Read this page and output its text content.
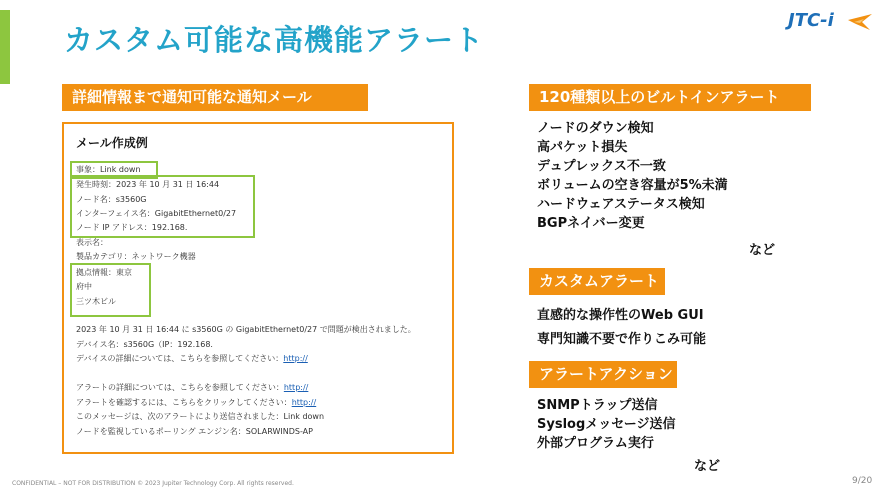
カスタム可能な高機能アラート
JTC-i
詳細情報まで通知可能な通知メール
メール作成例
事象：Link down
発生時刻：2023 年 10 月 31 日 16:44
ノード名：s3560G
インターフェイス名：GigabitEthernet0/27
ノード IP アドレス：192.168.
表示名：
製品カテゴリ：ネットワーク機器
拠点情報：東京
府中
三ツ木ビル
2023 年 10 月 31 日 16:44 に s3560G の GigabitEthernet0/27 で問題が検出されました。
デバイス名：s3560G（IP：192.168.
デバイスの詳細については、こちらを参照してください：http://
アラートの詳細については、こちらを参照してください：http://
アラートを確認するには、こちらをクリックしてください：http://
このメッセージは、次のアラートにより送信されました：Link down
ノードを監視しているポーリング エンジン名：SOLARWINDS-AP
120種類以上のビルトインアラート
ノードのダウン検知
高パケット損失
デュプレックス不一致
ボリュームの空き容量が5%未満
ハードウェアステータス検知
BGPネイバー変更
など
カスタムアラート
直感的な操作性のWeb GUI
専門知識不要で作りこみ可能
アラートアクション
SNMPトラップ送信
Syslogメッセージ送信
外部プログラム実行
など
CONFIDENTIAL – NOT FOR DISTRIBUTION © 2023 Jupiter Technology Corp. All rights reserved.	9/20
